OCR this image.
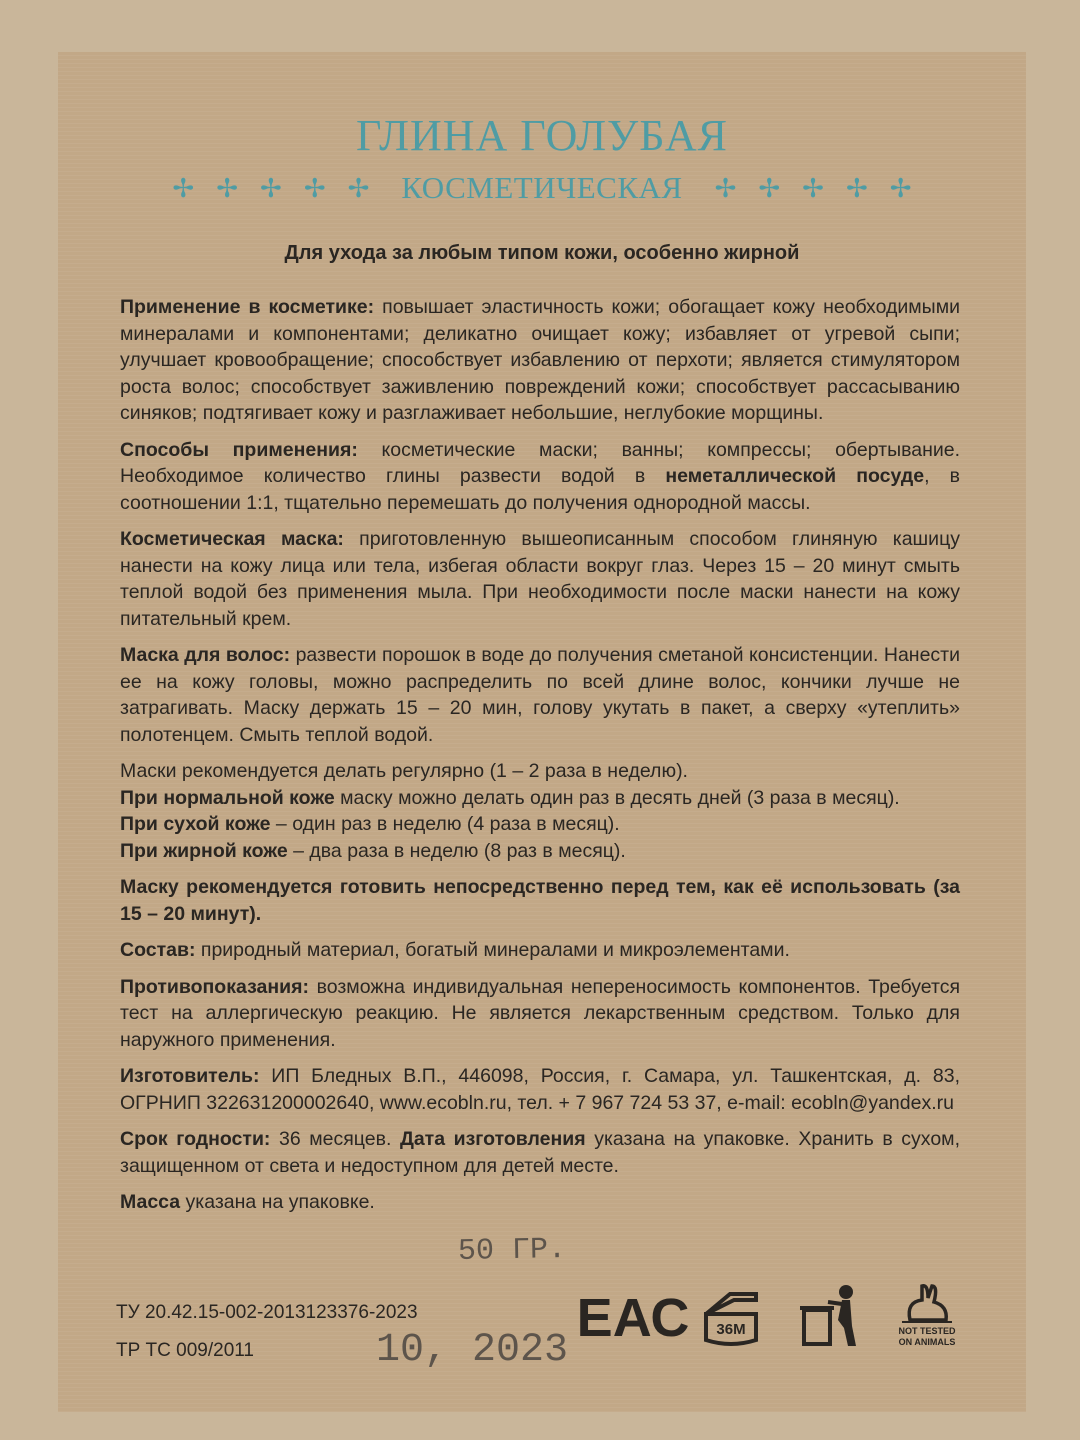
ГЛИНА ГОЛУБАЯ
✢ ✢ ✢ ✢ ✢ КОСМЕТИЧЕСКАЯ ✢ ✢ ✢ ✢ ✢
Для ухода за любым типом кожи, особенно жирной

Применение в косметике: повышает эластичность кожи; обогащает кожу необходимыми минералами и компонентами; деликатно очищает кожу; избавляет от угревой сыпи; улучшает кровообращение; способствует избавлению от перхоти; является стимулятором роста волос; способствует заживлению повреждений кожи; способствует рассасыванию синяков; подтягивает кожу и разглаживает небольшие, неглубокие морщины.

Способы применения: косметические маски; ванны; компрессы; обертывание. Необходимое количество глины развести водой в неметаллической посуде, в соотношении 1:1, тщательно перемешать до получения однородной массы.

Косметическая маска: приготовленную вышеописанным способом глиняную кашицу нанести на кожу лица или тела, избегая области вокруг глаз. Через 15 – 20 минут смыть теплой водой без применения мыла. При необходимости после маски нанести на кожу питательный крем.

Маска для волос: развести порошок в воде до получения сметаной консистенции. Нанести ее на кожу головы, можно распределить по всей длине волос, кончики лучше не затрагивать. Маску держать 15 – 20 мин, голову укутать в пакет, а сверху «утеплить» полотенцем. Смыть теплой водой.

Маски рекомендуется делать регулярно (1 – 2 раза в неделю).
При нормальной коже маску можно делать один раз в десять дней (3 раза в месяц).
При сухой коже – один раз в неделю (4 раза в месяц).
При жирной коже – два раза в неделю (8 раз в месяц).

Маску рекомендуется готовить непосредственно перед тем, как её использовать (за 15 – 20 минут).

Состав: природный материал, богатый минералами и микроэлементами.

Противопоказания: возможна индивидуальная непереносимость компонентов. Требуется тест на аллергическую реакцию. Не является лекарственным средством. Только для наружного применения.

Изготовитель: ИП Бледных В.П., 446098, Россия, г. Самара, ул. Ташкентская, д. 83, ОГРНИП 322631200002640, www.ecobln.ru, тел. + 7 967 724 53 37, e-mail: ecobln@yandex.ru

Срок годности: 36 месяцев. Дата изготовления указана на упаковке. Хранить в сухом, защищенном от света и недоступном для детей месте.

Масса указана на упаковке.

ТУ 20.42.15-002-2013123376-2023
ТР ТС 009/2011
50 ГР.
10, 2023
ЕАС 36M	NOT TESTED
ON ANIMALS
